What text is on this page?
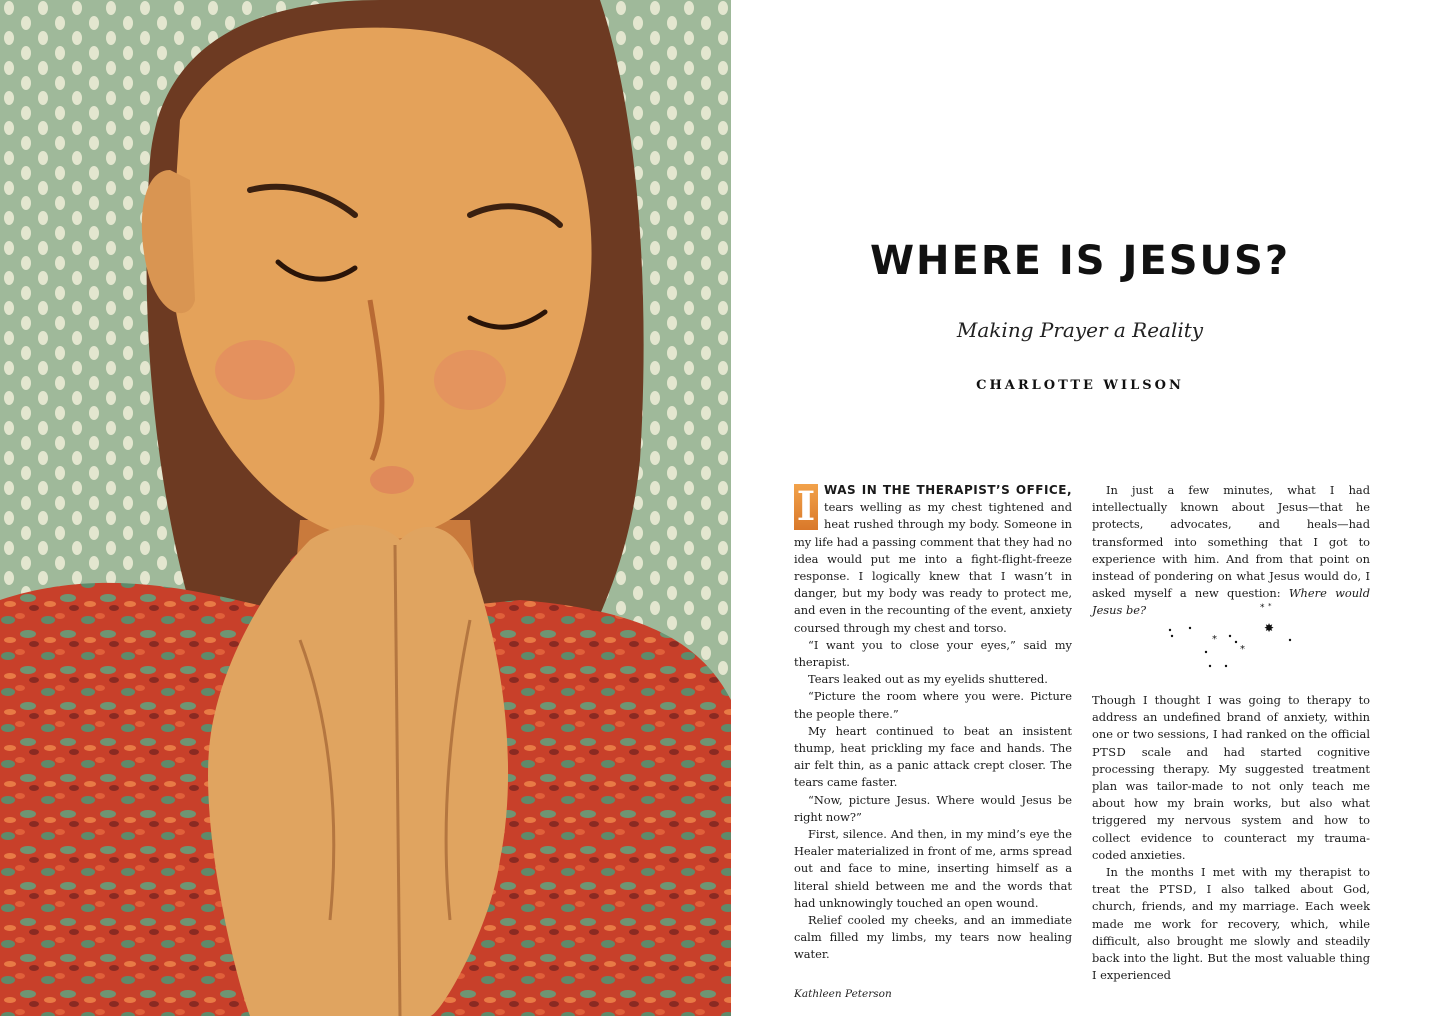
WHERE IS JESUS?
Making Prayer a Reality
CHARLOTTE WILSON

I WAS IN THE THERAPIST’S OFFICE, tears welling as my chest tightened and heat rushed through my body. Someone in my life had a passing comment that they had no idea would put me into a fight-flight-freeze response. I logically knew that I wasn’t in danger, but my body was ready to protect me, and even in the recounting of the event, anxiety coursed through my chest and torso.

“I want you to close your eyes,” said my therapist.

Tears leaked out as my eyelids shuttered.

“Picture the room where you were. Picture the people there.”

My heart continued to beat an insistent thump, heat prickling my face and hands. The air felt thin, as a panic attack crept closer. The tears came faster.

“Now, picture Jesus. Where would Jesus be right now?”

First, silence. And then, in my mind’s eye the Healer materialized in front of me, arms spread out and face to mine, inserting himself as a literal shield between me and the words that had unknowingly touched an open wound.

Relief cooled my cheeks, and an immediate calm filled my limbs, my tears now healing water.

In just a few minutes, what I had intellectually known about Jesus—that he protects, advocates, and heals—had transformed into something that I got to experience with him. And from that point on instead of pondering on what Jesus would do, I asked myself a new question: Where would Jesus be?	* *
✸
*
*

Though I thought I was going to therapy to address an undefined brand of anxiety, within one or two sessions, I had ranked on the official PTSD scale and had started cognitive processing therapy. My suggested treatment plan was tailor-made to not only teach me about how my brain works, but also what triggered my nervous system and how to collect evidence to counteract my trauma-coded anxieties.

In the months I met with my therapist to treat the PTSD, I also talked about God, church, friends, and my marriage. Each week made me work for recovery, which, while difficult, also brought me slowly and steadily back into the light. But the most valuable thing I experienced

Kathleen Peterson
